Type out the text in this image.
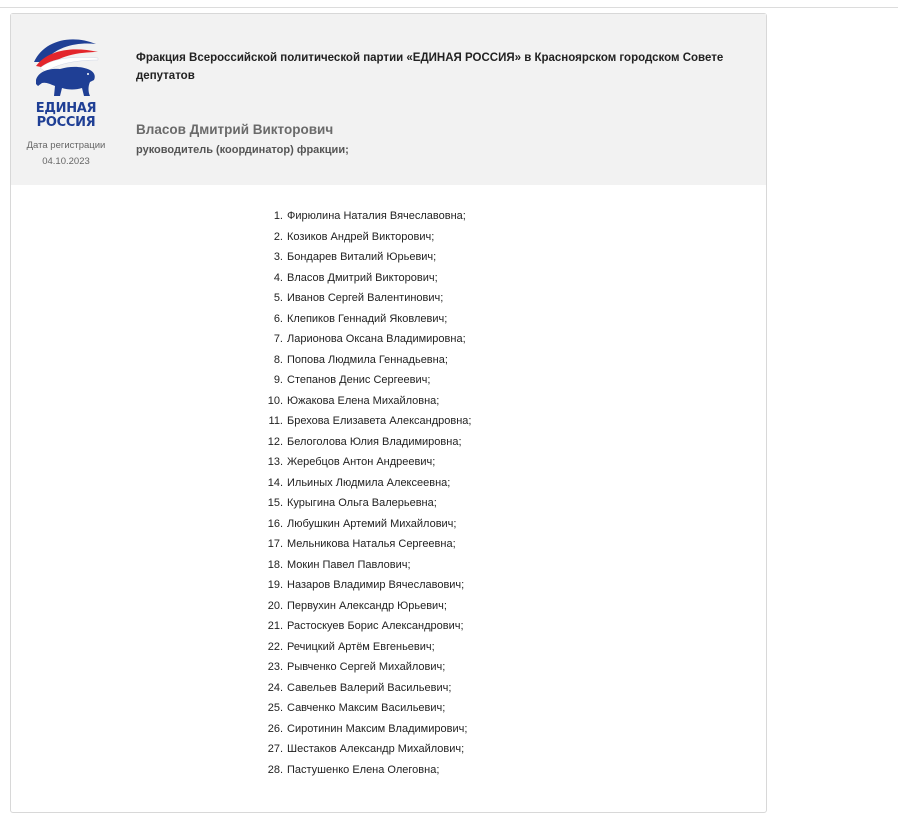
ЕДИНАЯ
РОССИЯ
Дата регистрации
04.10.2023
Фракция Всероссийской политической партии «ЕДИНАЯ РОССИЯ» в Красноярском городском Совете депутатов
Власов Дмитрий Викторович
руководитель (координатор) фракции;
1. Фирюлина Наталия Вячеславовна;
2. Козиков Андрей Викторович;
3. Бондарев Виталий Юрьевич;
4. Власов Дмитрий Викторович;
5. Иванов Сергей Валентинович;
6. Клепиков Геннадий Яковлевич;
7. Ларионова Оксана Владимировна;
8. Попова Людмила Геннадьевна;
9. Степанов Денис Сергеевич;
10. Южакова Елена Михайловна;
11. Брехова Елизавета Александровна;
12. Белоголова Юлия Владимировна;
13. Жеребцов Антон Андреевич;
14. Ильиных Людмила Алексеевна;
15. Курыгина Ольга Валерьевна;
16. Любушкин Артемий Михайлович;
17. Мельникова Наталья Сергеевна;
18. Мокин Павел Павлович;
19. Назаров Владимир Вячеславович;
20. Первухин Александр Юрьевич;
21. Растоскуев Борис Александрович;
22. Речицкий Артём Евгеньевич;
23. Рывченко Сергей Михайлович;
24. Савельев Валерий Васильевич;
25. Савченко Максим Васильевич;
26. Сиротинин Максим Владимирович;
27. Шестаков Александр Михайлович;
28. Пастушенко Елена Олеговна;
